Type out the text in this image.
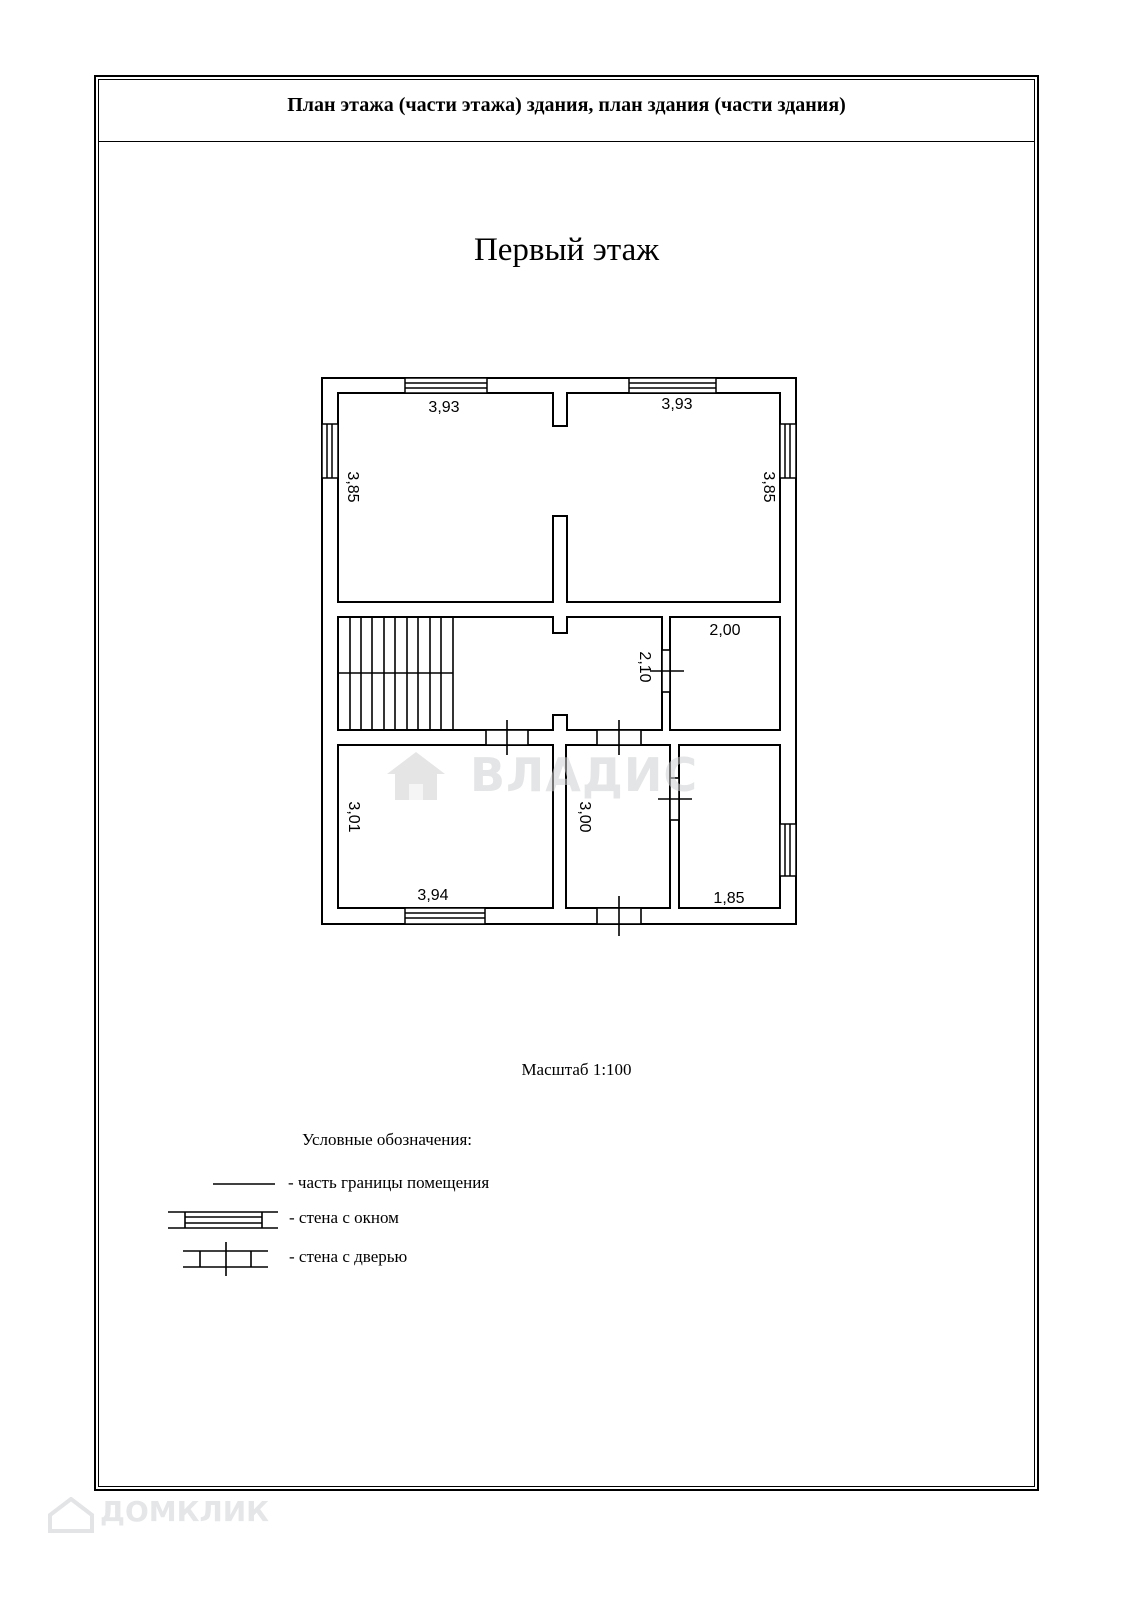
План этажа (части этажа) здания, план здания (части здания)
Первый этаж
3,93	3,93
3,85	3,85
2,00
2,10
3,01
3,94
3,00
1,85
ВЛАДИС
ДОМКЛИК
Масштаб 1:100
Условные обозначения:
- часть границы помещения
- стена с окном
- стена с дверью
